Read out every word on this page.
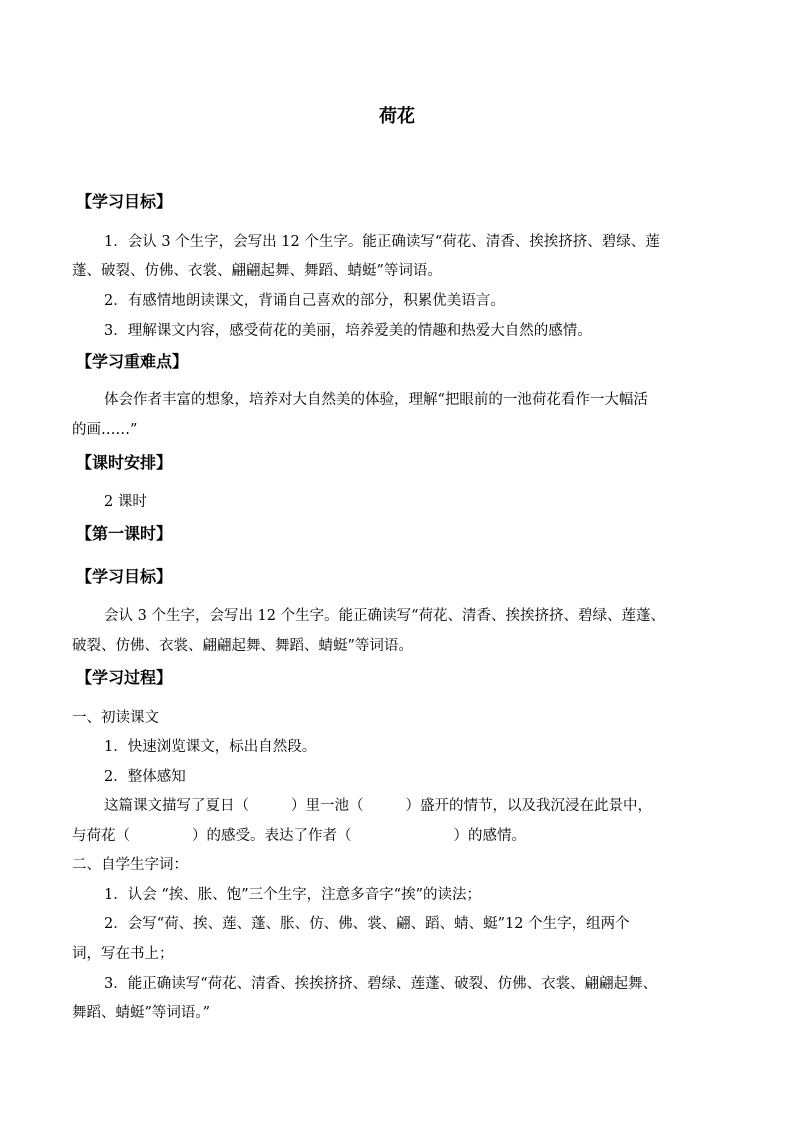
荷花
【学习目标】
1．会认 3 个生字，会写出 12 个生字。能正确读写“荷花、清香、挨挨挤挤、碧绿、莲
蓬、破裂、仿佛、衣裳、翩翩起舞、舞蹈、蜻蜓”等词语。
2．有感情地朗读课文，背诵自己喜欢的部分，积累优美语言。
3．理解课文内容，感受荷花的美丽，培养爱美的情趣和热爱大自然的感情。
【学习重难点】
体会作者丰富的想象，培养对大自然美的体验，理解“把眼前的一池荷花看作一大幅活
的画……”
【课时安排】
2 课时
【第一课时】
【学习目标】
会认 3 个生字，会写出 12 个生字。能正确读写“荷花、清香、挨挨挤挤、碧绿、莲蓬、
破裂、仿佛、衣裳、翩翩起舞、舞蹈、蜻蜓”等词语。
【学习过程】
一、初读课文
1．快速浏览课文，标出自然段。
2．整体感知
这篇课文描写了夏日（	）里一池（	）盛开的情节，以及我沉浸在此景中，
与荷花（	）的感受。表达了作者（	）的感情。
二、自学生字词：
1．认会 “挨、胀、饱”三个生字，注意多音字“挨”的读法；
2．会写“荷、挨、莲、蓬、胀、仿、佛、裳、翩、蹈、蜻、蜓”12 个生字，组两个
词，写在书上；
3．能正确读写“荷花、清香、挨挨挤挤、碧绿、莲蓬、破裂、仿佛、衣裳、翩翩起舞、
舞蹈、蜻蜓”等词语。”
